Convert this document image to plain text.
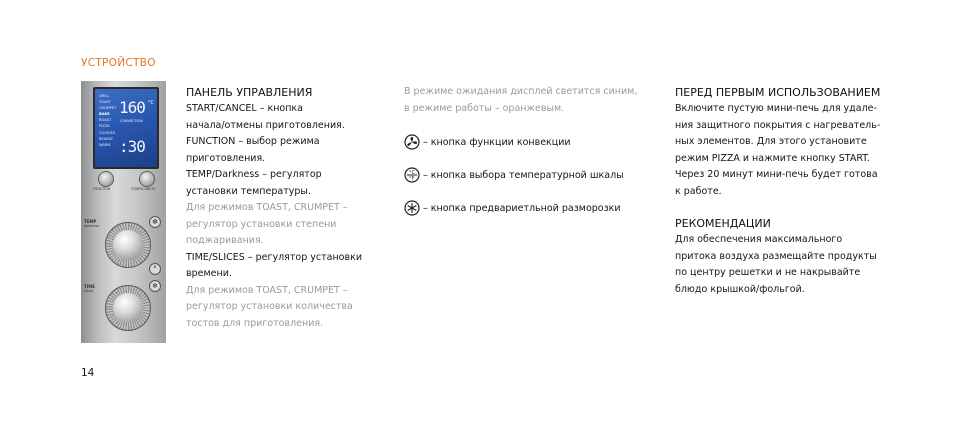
УСТРОЙСТВО
GRILL
TOAST
CRUMPET
BAKE
ROAST
PIZZA
COOKIES
REHEAT
WARM
160 °C
CONVECTION
:30
FUNCTION	START/CANCEL
TEMP
darkness	✻
°
TIME
slices
❄
ПАНЕЛЬ УПРАВЛЕНИЯ
START/CANCEL – кнопка
начала/отмены приготовления.
FUNCTION – выбор режима
приготовления.
TEMP/Darkness – регулятор
установки температуры.
Для режимов TOAST, CRUMPET –
регулятор установки степени
поджаривания.
TIME/SLICES – регулятор установки
времени.
Для режимов TOAST, CRUMPET –
регулятор установки количества
тостов для приготовления.
В режиме ожидания дисплей светится синим,
в режиме работы – оранжевым.
– кнопка функции конвекции
°C
°F – кнопка выбора температурной шкалы
– кнопка предвариетльной разморозки
ПЕРЕД ПЕРВЫМ ИСПОЛЬЗОВАНИЕМ
Включите пустую мини-печь для удале-
ния защитного покрытия с нагреватель-
ных элементов. Для этого установите
режим PIZZA и нажмите кнопку START.
Через 20 минут мини-печь будет готова
к работе.
РЕКОМЕНДАЦИИ
Для обеспечения максимального
притока воздуха размещайте продукты
по центру решетки и не накрывайте
блюдо крышкой/фольгой.
14
